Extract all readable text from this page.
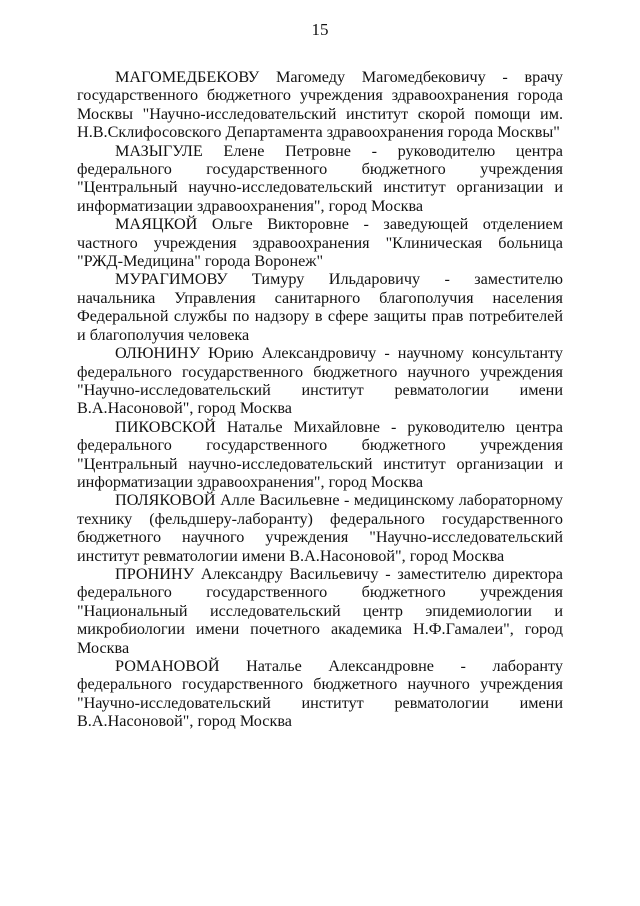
15

МАГОМЕДБЕКОВУ Магомеду Магомедбековичу - врачу государственного бюджетного учреждения здравоохранения города Москвы "Научно-исследовательский институт скорой помощи им. Н.В.Склифосовского Департамента здравоохранения города Москвы"

МАЗЫГУЛЕ Елене Петровне - руководителю центра федерального государственного бюджетного учреждения "Центральный научно-исследовательский институт организации и информатизации здравоохранения", город Москва

МАЯЦКОЙ Ольге Викторовне - заведующей отделением частного учреждения здравоохранения "Клиническая больница "РЖД-Медицина" города Воронеж"

МУРАГИМОВУ Тимуру Ильдаровичу - заместителю начальника Управления санитарного благополучия населения Федеральной службы по надзору в сфере защиты прав потребителей и благополучия человека

ОЛЮНИНУ Юрию Александровичу - научному консультанту федерального государственного бюджетного научного учреждения "Научно-исследовательский институт ревматологии имени В.А.Насоновой", город Москва

ПИКОВСКОЙ Наталье Михайловне - руководителю центра федерального государственного бюджетного учреждения "Центральный научно-исследовательский институт организации и информатизации здравоохранения", город Москва

ПОЛЯКОВОЙ Алле Васильевне - медицинскому лабораторному технику (фельдшеру-лаборанту) федерального государственного бюджетного научного учреждения "Научно-исследовательский институт ревматологии имени В.А.Насоновой", город Москва

ПРОНИНУ Александру Васильевичу - заместителю директора федерального государственного бюджетного учреждения "Национальный исследовательский центр эпидемиологии и микробиологии имени почетного академика Н.Ф.Гамалеи", город Москва

РОМАНОВОЙ Наталье Александровне - лаборанту федерального государственного бюджетного научного учреждения "Научно-исследовательский институт ревматологии имени В.А.Насоновой", город Москва
